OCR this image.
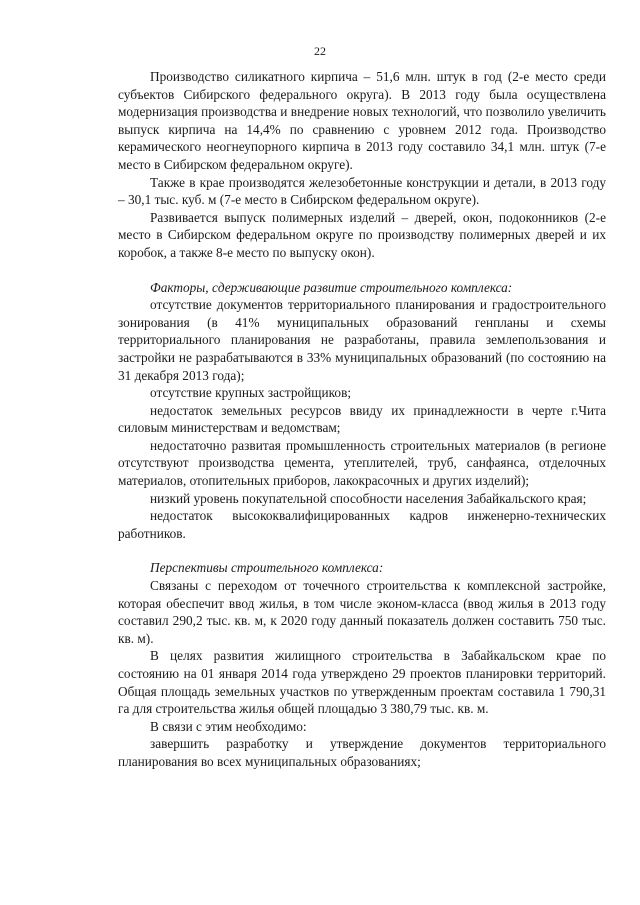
22

Производство силикатного кирпича – 51,6 млн. штук в год (2-е место среди субъектов Сибирского федерального округа). В 2013 году была осуществлена модернизация производства и внедрение новых технологий, что позволило увеличить выпуск кирпича на 14,4% по сравнению с уровнем 2012 года. Производство керамического неогнеупорного кирпича в 2013 году составило 34,1 млн. штук (7-е место в Сибирском федеральном округе).

Также в крае производятся железобетонные конструкции и детали, в 2013 году – 30,1 тыс. куб. м (7-е место в Сибирском федеральном округе).

Развивается выпуск полимерных изделий – дверей, окон, подоконников (2-е место в Сибирском федеральном округе по производству полимерных дверей и их коробок, а также 8-е место по выпуску окон).

Факторы, сдерживающие развитие строительного комплекса:

отсутствие документов территориального планирования и градостроительного зонирования (в 41% муниципальных образований генпланы и схемы территориального планирования не разработаны, правила землепользования и застройки не разрабатываются в 33% муниципальных образований (по состоянию на 31 декабря 2013 года);

отсутствие крупных застройщиков;

недостаток земельных ресурсов ввиду их принадлежности в черте г.Чита силовым министерствам и ведомствам;

недостаточно развитая промышленность строительных материалов (в регионе отсутствуют производства цемента, утеплителей, труб, санфаянса, отделочных материалов, отопительных приборов, лакокрасочных и других изделий);

низкий уровень покупательной способности населения Забайкальского края;

недостаток высококвалифицированных кадров инженерно-технических работников.

Перспективы строительного комплекса:

Связаны с переходом от точечного строительства к комплексной застройке, которая обеспечит ввод жилья, в том числе эконом-класса (ввод жилья в 2013 году составил 290,2 тыс. кв. м, к 2020 году данный показатель должен составить 750 тыс. кв. м).

В целях развития жилищного строительства в Забайкальском крае по состоянию на 01 января 2014 года утверждено 29 проектов планировки территорий. Общая площадь земельных участков по утвержденным проектам составила 1 790,31 га для строительства жилья общей площадью 3 380,79 тыс. кв. м.

В связи с этим необходимо:

завершить разработку и утверждение документов территориального планирования во всех муниципальных образованиях;
